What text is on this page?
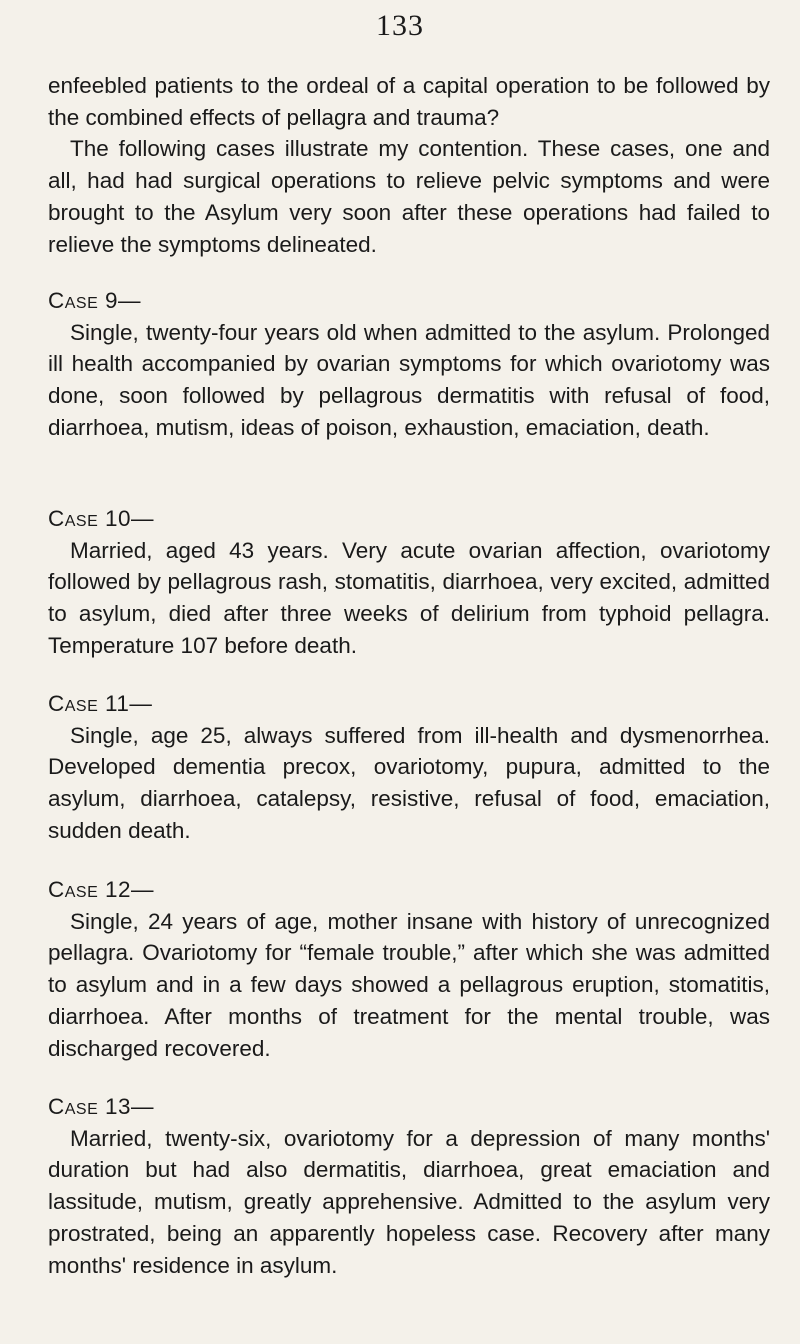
133

enfeebled patients to the ordeal of a capital operation to be followed by the combined effects of pellagra and trauma?

The following cases illustrate my contention. These cases, one and all, had had surgical operations to relieve pelvic symptoms and were brought to the Asylum very soon after these operations had failed to relieve the symptoms delineated.

Case 9—

Single, twenty-four years old when admitted to the asylum. Prolonged ill health accompanied by ovarian symptoms for which ovariotomy was done, soon followed by pellagrous dermatitis with refusal of food, diarrhoea, mutism, ideas of poison, exhaustion, emaciation, death.

Case 10—

Married, aged 43 years. Very acute ovarian affection, ovariotomy followed by pellagrous rash, stomatitis, diarrhoea, very excited, admitted to asylum, died after three weeks of delirium from typhoid pellagra. Temperature 107 before death.

Case 11—

Single, age 25, always suffered from ill-health and dysmenorrhea. Developed dementia precox, ovariotomy, pupura, admitted to the asylum, diarrhoea, catalepsy, resistive, refusal of food, emaciation, sudden death.

Case 12—

Single, 24 years of age, mother insane with history of unrecognized pellagra. Ovariotomy for “female trouble,” after which she was admitted to asylum and in a few days showed a pellagrous eruption, stomatitis, diarrhoea. After months of treatment for the mental trouble, was discharged recovered.

Case 13—

Married, twenty-six, ovariotomy for a depression of many months' duration but had also dermatitis, diarrhoea, great emaciation and lassitude, mutism, greatly apprehensive. Admitted to the asylum very prostrated, being an apparently hopeless case. Recovery after many months' residence in asylum.
